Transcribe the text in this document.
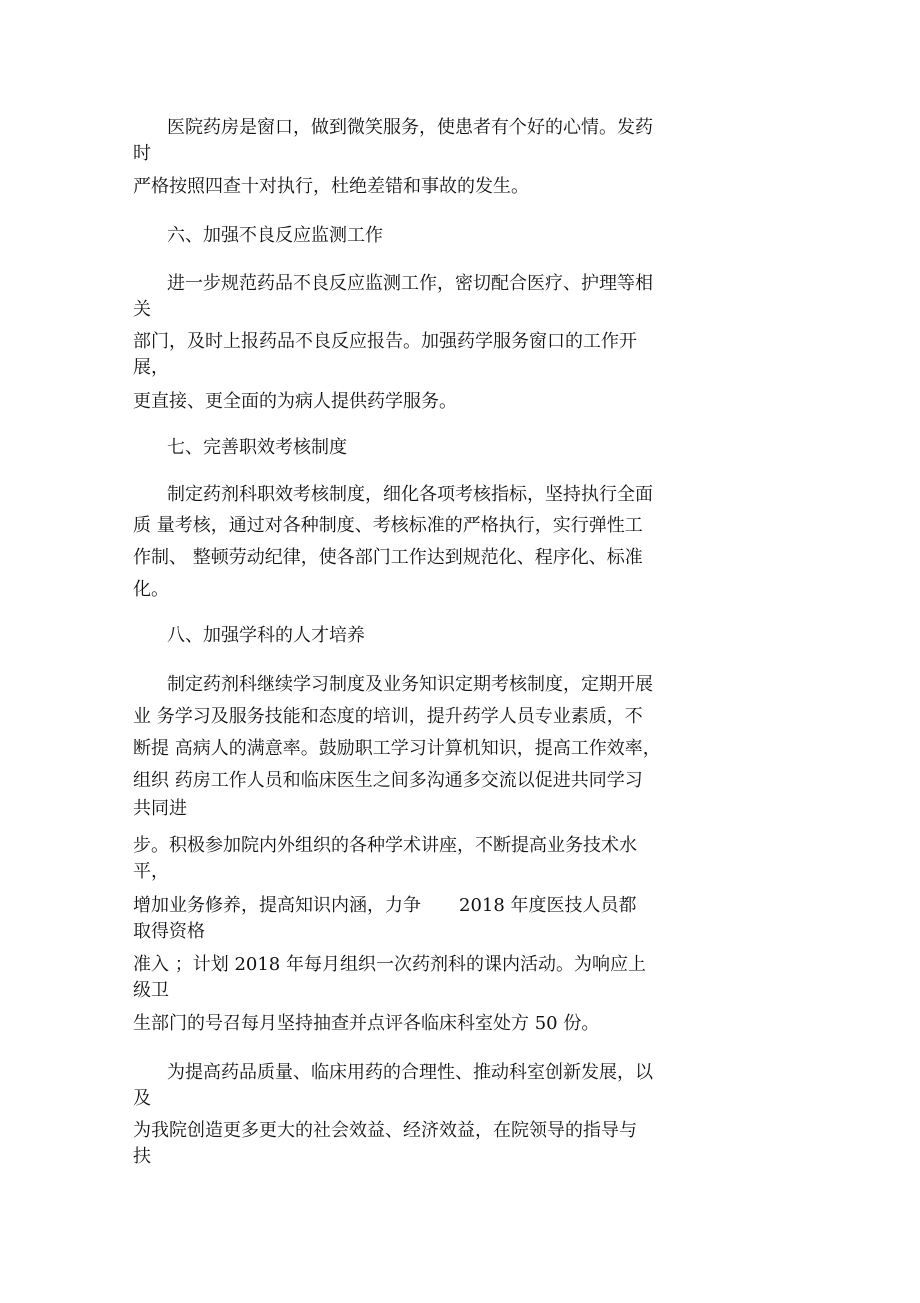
医院药房是窗口，做到微笑服务，使患者有个好的心情。发药

时

严格按照四查十对执行，杜绝差错和事故的发生。

六、加强不良反应监测工作

进一步规范药品不良反应监测工作，密切配合医疗、护理等相

关

部门，及时上报药品不良反应报告。加强药学服务窗口的工作开

展，

更直接、更全面的为病人提供药学服务。

七、完善职效考核制度

制定药剂科职效考核制度，细化各项考核指标，坚持执行全面

质 量考核，通过对各种制度、考核标准的严格执行，实行弹性工

作制、 整顿劳动纪律，使各部门工作达到规范化、程序化、标准

化。

八、加强学科的人才培养

制定药剂科继续学习制度及业务知识定期考核制度，定期开展

业 务学习及服务技能和态度的培训，提升药学人员专业素质，不

断提 高病人的满意率。鼓励职工学习计算机知识，提高工作效率，

组织 药房工作人员和临床医生之间多沟通多交流以促进共同学习

共同进

步。积极参加院内外组织的各种学术讲座，不断提高业务技术水

平，

增加业务修养，提高知识内涵，力争 2018 年度医技人员都

取得资格

准入 ；计划 2018 年每月组织一次药剂科的课内活动。为响应上

级卫

生部门的号召每月坚持抽查并点评各临床科室处方 50 份。

为提高药品质量、临床用药的合理性、推动科室创新发展，以

及

为我院创造更多更大的社会效益、经济效益，在院领导的指导与

扶
